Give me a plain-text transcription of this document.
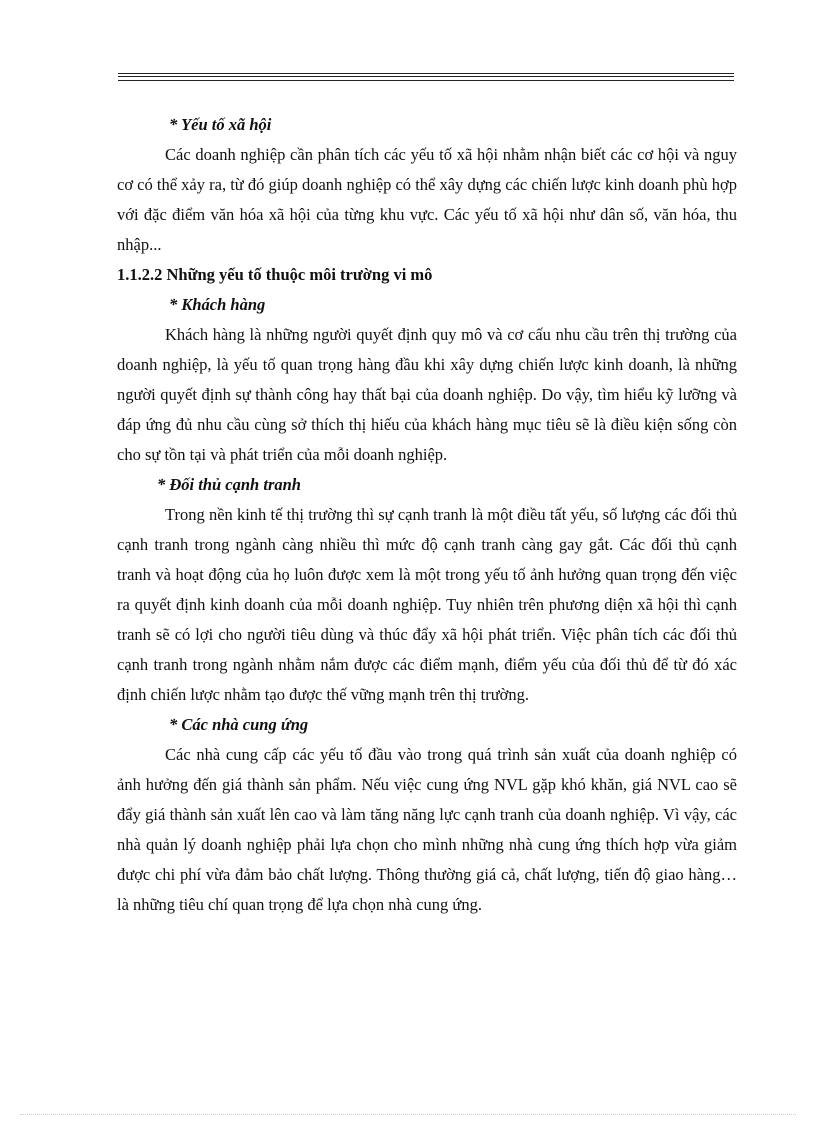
* Yếu tố xã hội

Các doanh nghiệp cần phân tích các yếu tố xã hội nhằm nhận biết các cơ hội và nguy cơ có thể xảy ra, từ đó giúp doanh nghiệp có thể xây dựng các chiến lược kinh doanh phù hợp với đặc điểm văn hóa xã hội của từng khu vực. Các yếu tố xã hội như dân số, văn hóa, thu nhập...

1.1.2.2 Những yếu tố thuộc môi trường vi mô

* Khách hàng

Khách hàng là những người quyết định quy mô và cơ cấu nhu cầu trên thị trường của doanh nghiệp, là yếu tố quan trọng hàng đầu khi xây dựng chiến lược kinh doanh, là những người quyết định sự thành công hay thất bại của doanh nghiệp. Do vậy, tìm hiểu kỹ lưỡng và đáp ứng đủ nhu cầu cùng sở thích thị hiếu của khách hàng mục tiêu sẽ là điều kiện sống còn cho sự tồn tại và phát triển của mỗi doanh nghiệp.

* Đối thủ cạnh tranh

Trong nền kinh tế thị trường thì sự cạnh tranh là một điều tất yếu, số lượng các đối thủ cạnh tranh trong ngành càng nhiều thì mức độ cạnh tranh càng gay gắt. Các đối thủ cạnh tranh và hoạt động của họ luôn được xem là một trong yếu tố ảnh hưởng quan trọng đến việc ra quyết định kinh doanh của mỗi doanh nghiệp. Tuy nhiên trên phương diện xã hội thì cạnh tranh sẽ có lợi cho người tiêu dùng và thúc đẩy xã hội phát triển. Việc phân tích các đối thủ cạnh tranh trong ngành nhằm nắm được các điểm mạnh, điểm yếu của đối thủ để từ đó xác định chiến lược nhằm tạo được thế vững mạnh trên thị trường.

* Các nhà cung ứng

Các nhà cung cấp các yếu tố đầu vào trong quá trình sản xuất của doanh nghiệp có ảnh hưởng đến giá thành sản phẩm. Nếu việc cung ứng NVL gặp khó khăn, giá NVL cao sẽ đẩy giá thành sản xuất lên cao và làm tăng năng lực cạnh tranh của doanh nghiệp. Vì vậy, các nhà quản lý doanh nghiệp phải lựa chọn cho mình những nhà cung ứng thích hợp vừa giảm được chi phí vừa đảm bảo chất lượng. Thông thường giá cả, chất lượng, tiến độ giao hàng…là những tiêu chí quan trọng để lựa chọn nhà cung ứng.
